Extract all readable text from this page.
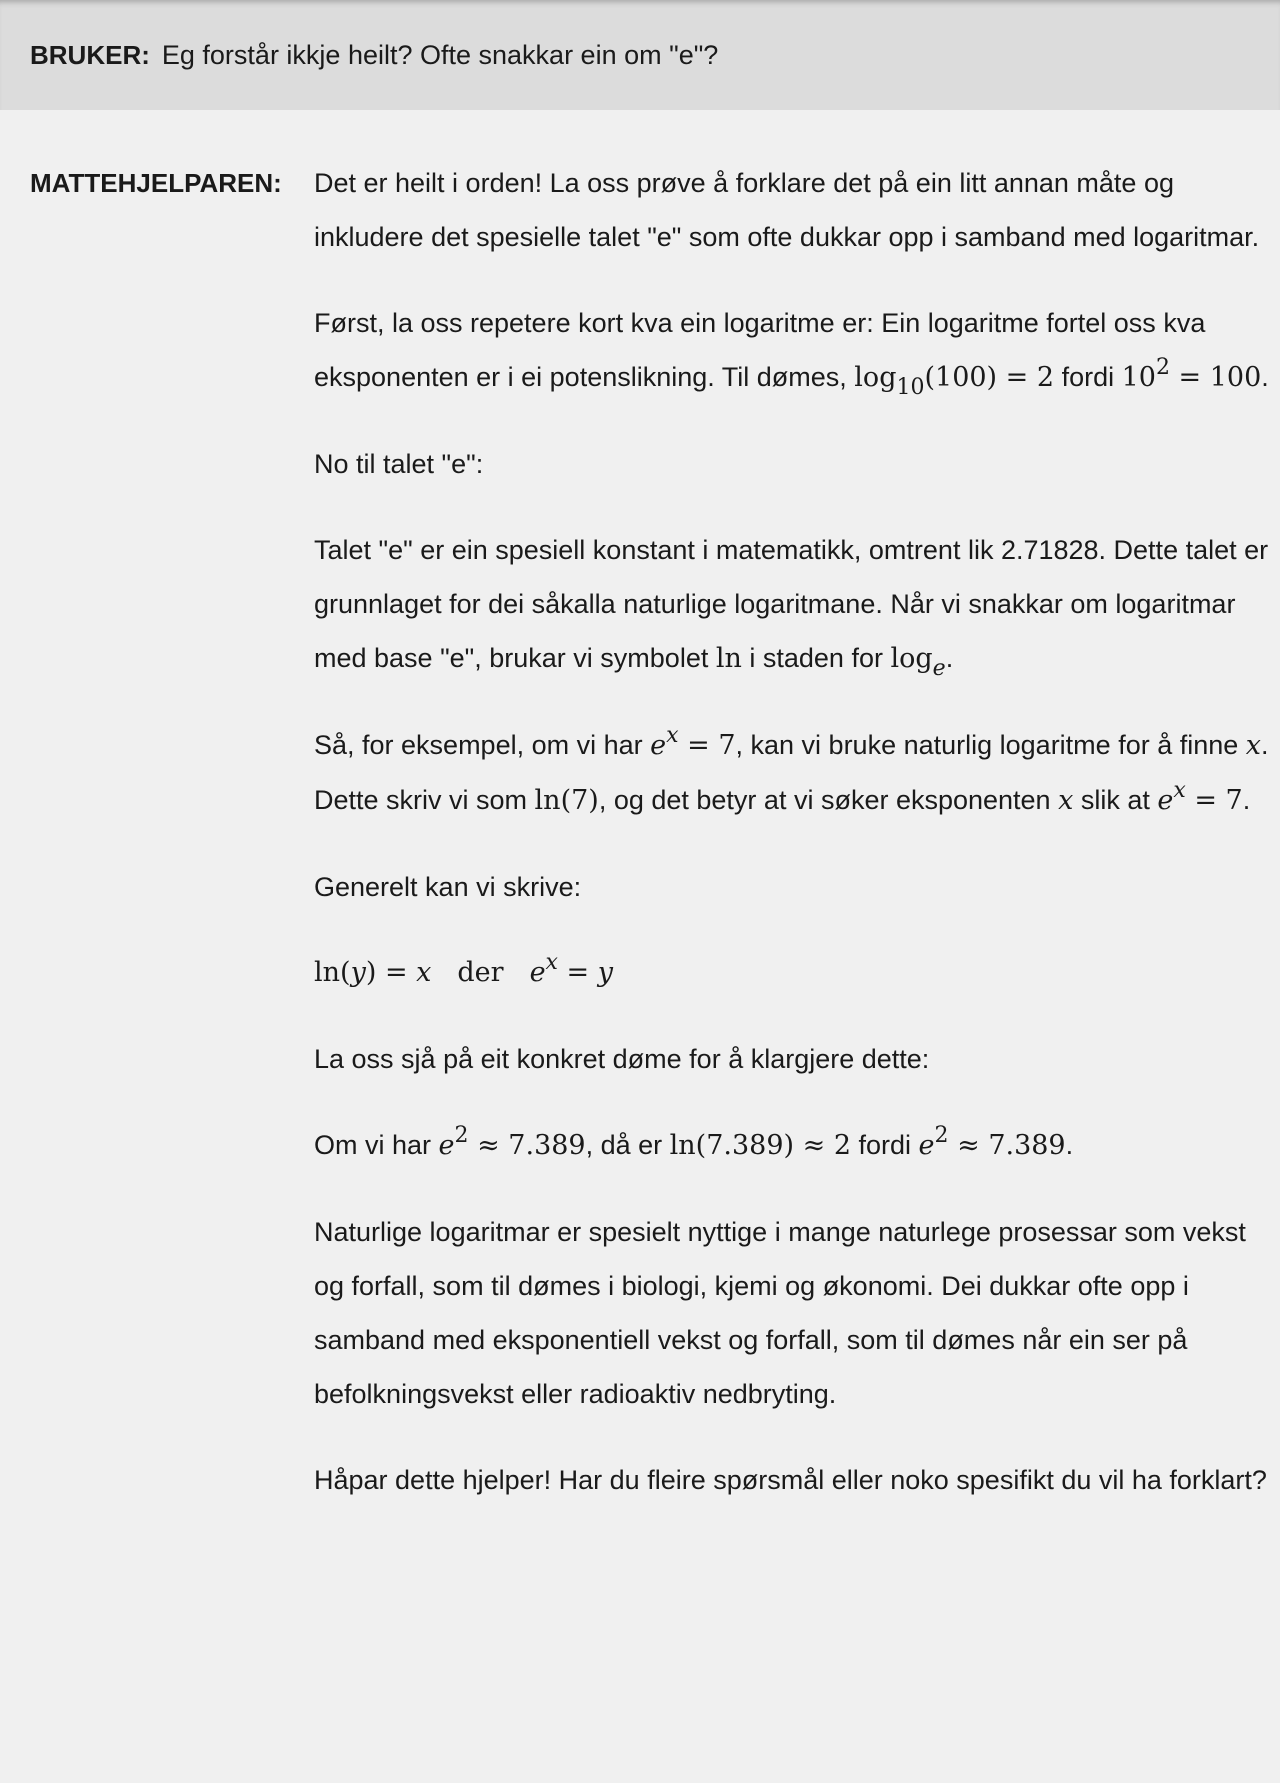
BRUKER: Eg forstår ikkje heilt? Ofte snakkar ein om "e"?
MATTEHJELPAREN:	Det er heilt i orden! La oss prøve å forklare det på ein litt annan måte og inkludere det spesielle talet "e" som ofte dukkar opp i samband med logaritmar.

Først, la oss repetere kort kva ein logaritme er: Ein logaritme fortel oss kva eksponenten er i ei potenslikning. Til dømes, $\log_{10}(100) = 2$ fordi $10^2 = 100$.

No til talet "e":

Talet "e" er ein spesiell konstant i matematikk, omtrent lik 2.71828. Dette talet er grunnlaget for dei såkalla naturlige logaritmane. Når vi snakkar om logaritmar med base "e", brukar vi symbolet ln i staden for $\log_e$.

Så, for eksempel, om vi har $e^x = 7$, kan vi bruke naturlig logaritme for å finne x. Dette skriv vi som ln(7), og det betyr at vi søker eksponenten x slik at $e^x = 7$.

Generelt kan vi skrive:

ln(y) = x der $e^x = y$

La oss sjå på eit konkret døme for å klargjere dette:

Om vi har $e^2 \approx 7.389$, då er ln(7.389) ≈ 2 fordi $e^2 \approx 7.389$.

Naturlige logaritmar er spesielt nyttige i mange naturlege prosessar som vekst og forfall, som til dømes i biologi, kjemi og økonomi. Dei dukkar ofte opp i samband med eksponentiell vekst og forfall, som til dømes når ein ser på befolkningsvekst eller radioaktiv nedbryting.

Håpar dette hjelper! Har du fleire spørsmål eller noko spesifikt du vil ha forklart?
